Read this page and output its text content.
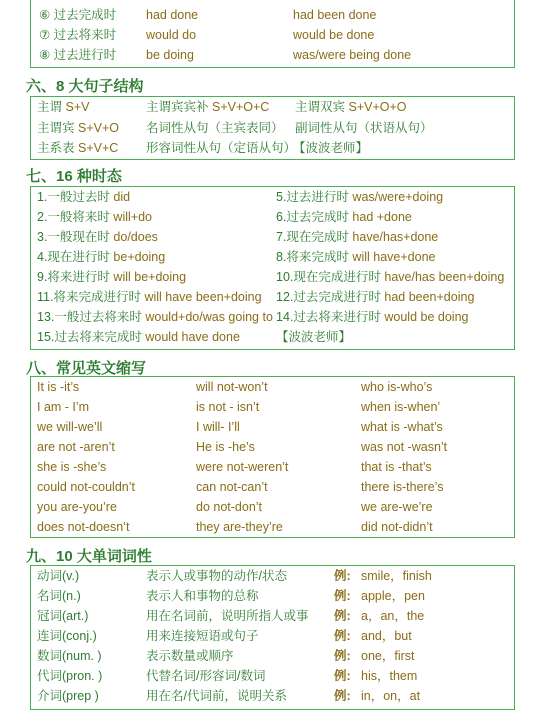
⑥ 过去完成时 had done	had been done
⑦ 过去将来时 would do	would be done
⑧ 过去进行时 be doing	was/were being done
六、8 大句子结构
主谓 S+V	主谓宾宾补 S+V+O+C 主谓双宾 S+V+O+O
主谓宾 S+V+O 名词性从句（主宾表同） 副词性从句（状语从句）
主系表 S+V+C 形容词性从句（定语从句）
【波波老师】
七、16 种时态
1.一般过去时 did	5.过去进行时 was/were+doing
2.一般将来时 will+do	6.过去完成时 had +done
3.一般现在时 do/does	7.现在完成时 have/has+done
4.现在进行时 be+doing	8.将来完成时 will have+done
9.将来进行时 will be+doing	10.现在完成进行时 have/has been+doing
11.将来完成进行时 will have been+doing 12.过去完成进行时 had been+doing
13.一般过去将来时 would+do/was going to 14.过去将来进行时 would be doing
15.过去将来完成时 would have done	【波波老师】
八、常见英文缩写
It is -it’s	will not-won’t	who is-who’s
I am - I’m	is not - isn’t	when is-when’
we will-we’ll	I will- I’ll	what is -what’s
are not -aren’t	He is -he’s	was not -wasn’t
she is -she’s	were not-weren’t	that is -that’s
could not-couldn’t	can not-can’t	there is-there’s
you are-you’re	do not-don’t	we are-we’re
does not-doesn’t	they are-they’re	did not-didn’t
九、10 大单词词性
动词(v.)	表示人或事物的动作/状态	例: smile，finish
名词(n.)	表示人和事物的总称	例: apple，pen
冠词(art.)	用在名词前，说明所指人或事 例: a，an，the
连词(conj.)	用来连接短语或句子	例: and，but
数词(num. )	表示数量或顺序	例: one，first
代词(pron. )	代替名词/形容词/数词	例: his，them
介词(prep )	用在名/代词前，说明关系	例: in，on，at
